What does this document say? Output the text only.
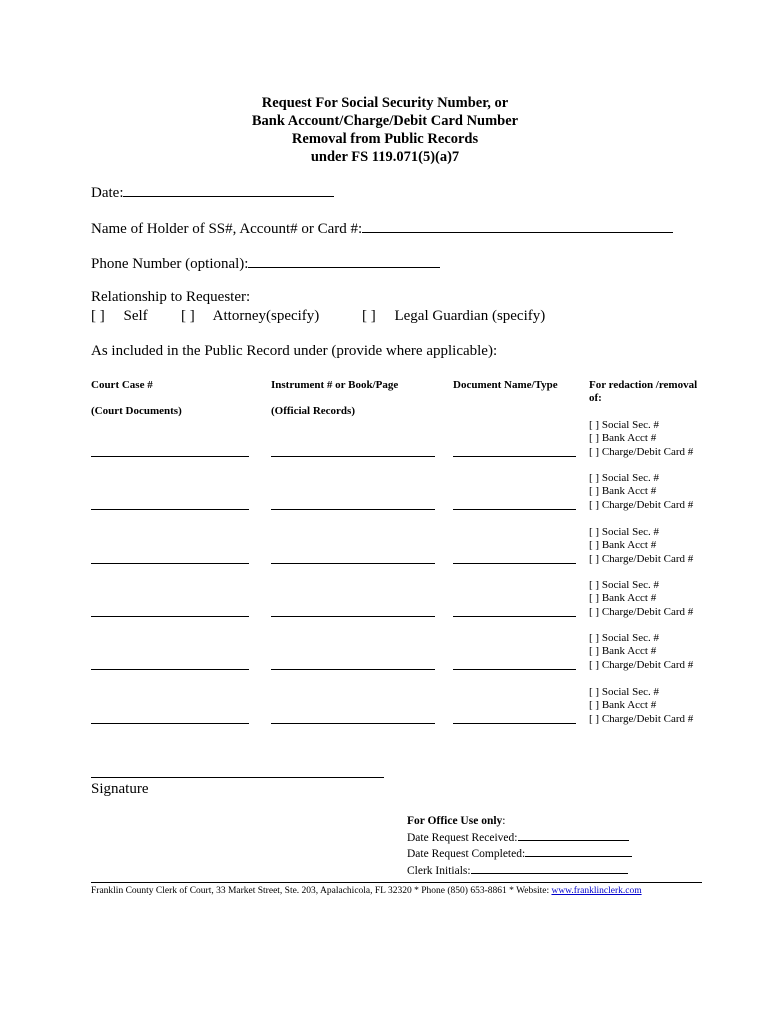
Request For Social Security Number, or
Bank Account/Charge/Debit Card Number
Removal from Public Records
under FS 119.071(5)(a)7
Date:
Name of Holder of SS#, Account# or Card #:
Phone Number (optional):
Relationship to Requester:
[ ]     Self [ ]     Attorney(specify)	[ ]     Legal Guardian (specify)
As included in the Public Record under (provide where applicable):
Court Case #
(Court Documents)
Instrument # or Book/Page
(Official Records)
Document Name/Type	For redaction /removal
of:
[ ] Social Sec. #
[ ] Bank Acct #
[ ] Charge/Debit Card #
[ ] Social Sec. #
[ ] Bank Acct #
[ ] Charge/Debit Card #
[ ] Social Sec. #
[ ] Bank Acct #
[ ] Charge/Debit Card #
[ ] Social Sec. #
[ ] Bank Acct #
[ ] Charge/Debit Card #
[ ] Social Sec. #
[ ] Bank Acct #
[ ] Charge/Debit Card #
[ ] Social Sec. #
[ ] Bank Acct #
[ ] Charge/Debit Card #
Signature
For Office Use only:
Date Request Received:
Date Request Completed:
Clerk Initials:
Franklin County Clerk of Court, 33 Market Street, Ste. 203, Apalachicola, FL 32320 * Phone (850) 653-8861 * Website: www.franklinclerk.com
